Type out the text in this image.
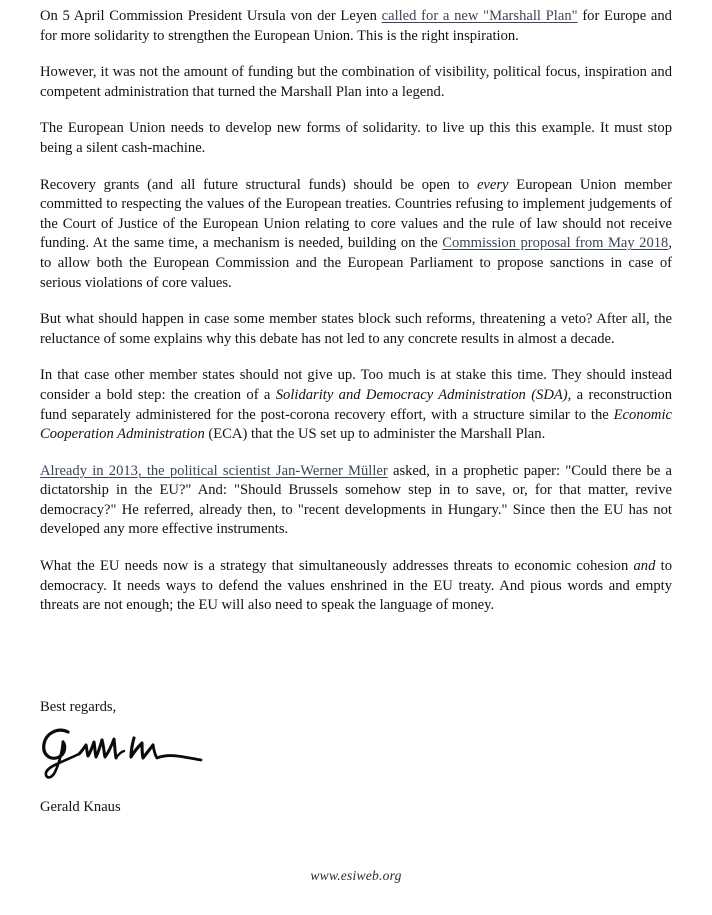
On 5 April Commission President Ursula von der Leyen called for a new "Marshall Plan" for Europe and for more solidarity to strengthen the European Union. This is the right inspiration.

However, it was not the amount of funding but the combination of visibility, political focus, inspiration and competent administration that turned the Marshall Plan into a legend.

The European Union needs to develop new forms of solidarity. to live up this this example. It must stop being a silent cash-machine.

Recovery grants (and all future structural funds) should be open to every European Union member committed to respecting the values of the European treaties. Countries refusing to implement judgements of the Court of Justice of the European Union relating to core values and the rule of law should not receive funding. At the same time, a mechanism is needed, building on the Commission proposal from May 2018, to allow both the European Commission and the European Parliament to propose sanctions in case of serious violations of core values.

But what should happen in case some member states block such reforms, threatening a veto? After all, the reluctance of some explains why this debate has not led to any concrete results in almost a decade.

In that case other member states should not give up. Too much is at stake this time. They should instead consider a bold step: the creation of a Solidarity and Democracy Administration (SDA), a reconstruction fund separately administered for the post-corona recovery effort, with a structure similar to the Economic Cooperation Administration (ECA) that the US set up to administer the Marshall Plan.

Already in 2013, the political scientist Jan-Werner Müller asked, in a prophetic paper: "Could there be a dictatorship in the EU?" And: "Should Brussels somehow step in to save, or, for that matter, revive democracy?" He referred, already then, to "recent developments in Hungary." Since then the EU has not developed any more effective instruments.

What the EU needs now is a strategy that simultaneously addresses threats to economic cohesion and to democracy. It needs ways to defend the values enshrined in the EU treaty. And pious words and empty threats are not enough; the EU will also need to speak the language of money.

Best regards,
Gerald Knaus
www.esiweb.org
